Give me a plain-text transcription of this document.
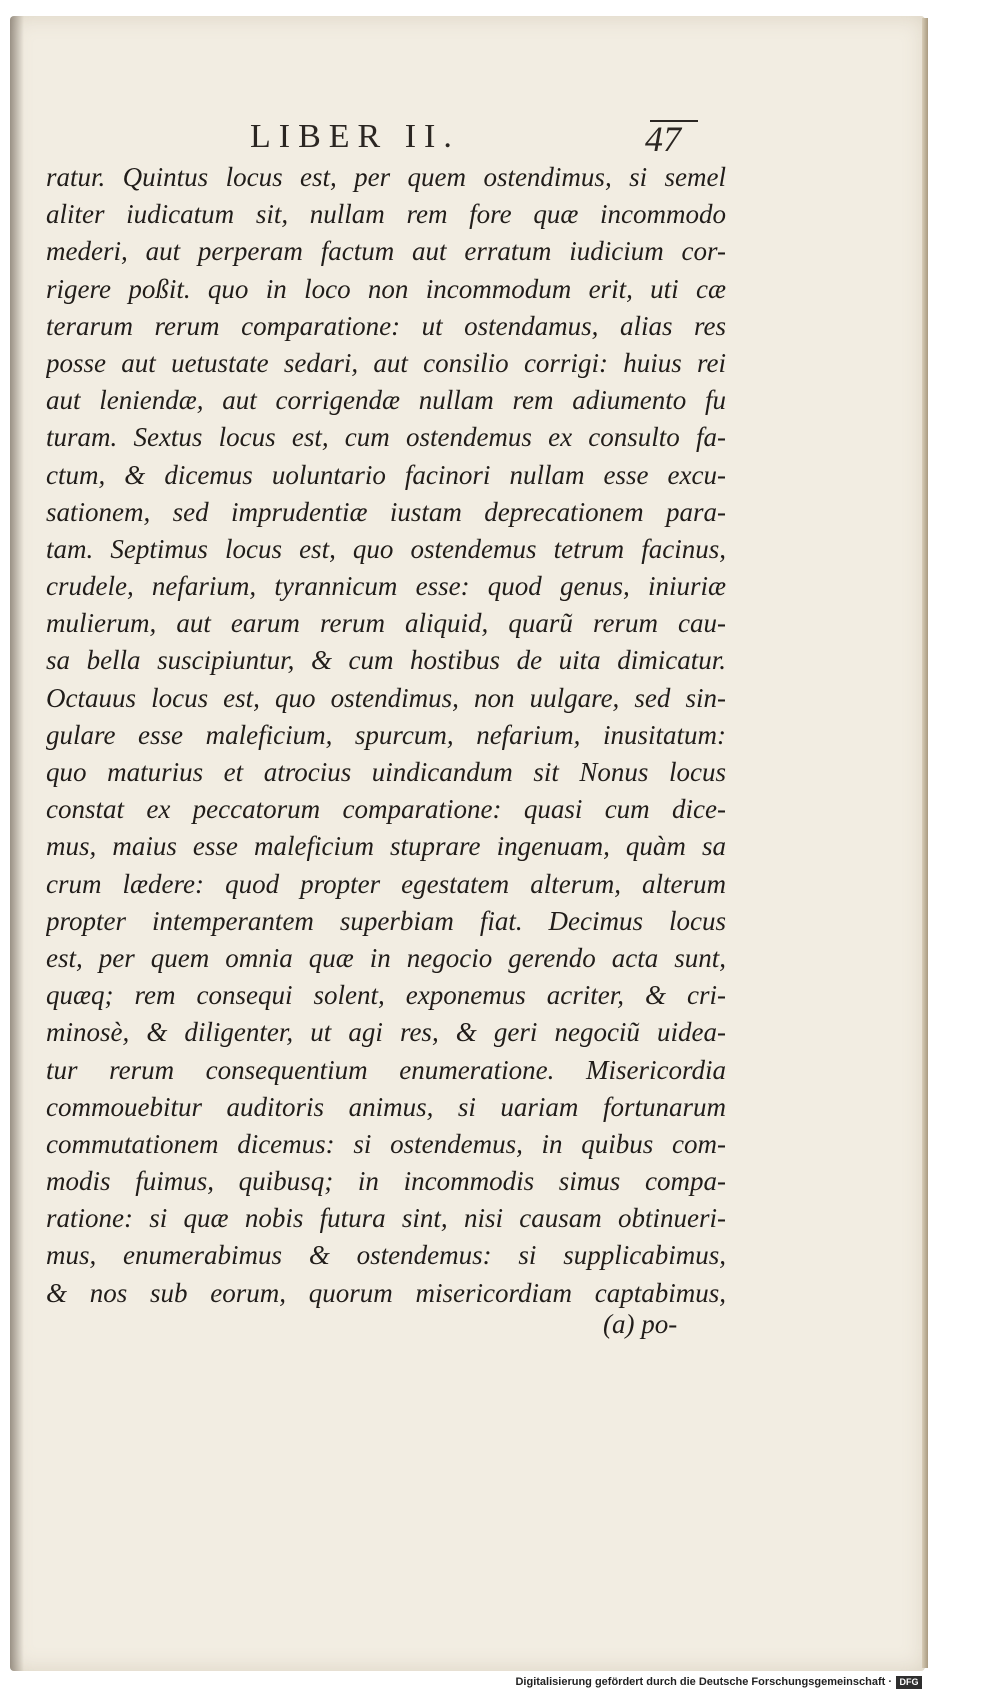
LIBER II.	47
ratur. Quintus locus est, per quem ostendimus, si semel
aliter iudicatum sit, nullam rem fore quæ incommodo
mederi, aut perperam factum aut erratum iudicium cor-
rigere poßit. quo in loco non incommodum erit, uti cæ
terarum rerum comparatione: ut ostendamus, alias res
posse aut uetustate sedari, aut consilio corrigi: huius rei
aut leniendæ, aut corrigendæ nullam rem adiumento fu
turam. Sextus locus est, cum ostendemus ex consulto fa-
ctum, & dicemus uoluntario facinori nullam esse excu-
sationem, sed imprudentiæ iustam deprecationem para-
tam. Septimus locus est, quo ostendemus tetrum facinus,
crudele, nefarium, tyrannicum esse: quod genus, iniuriæ
mulierum, aut earum rerum aliquid, quarũ rerum cau-
sa bella suscipiuntur, & cum hostibus de uita dimicatur.
Octauus locus est, quo ostendimus, non uulgare, sed sin-
gulare esse maleficium, spurcum, nefarium, inusitatum:
quo maturius et atrocius uindicandum sit Nonus locus
constat ex peccatorum comparatione: quasi cum dice-
mus, maius esse maleficium stuprare ingenuam, quàm sa
crum lædere: quod propter egestatem alterum, alterum
propter intemperantem superbiam fiat. Decimus locus
est, per quem omnia quæ in negocio gerendo acta sunt,
quæq; rem consequi solent, exponemus acriter, & cri-
minosè, & diligenter, ut agi res, & geri negociũ uidea-
tur rerum consequentium enumeratione. Misericordia
commouebitur auditoris animus, si uariam fortunarum
commutationem dicemus: si ostendemus, in quibus com-
modis fuimus, quibusq; in incommodis simus compa-
ratione: si quæ nobis futura sint, nisi causam obtinueri-
mus, enumerabimus & ostendemus: si supplicabimus,
& nos sub eorum, quorum misericordiam captabimus,
(a) po-
Digitalisierung gefördert durch die Deutsche Forschungsgemeinschaft · DFG
